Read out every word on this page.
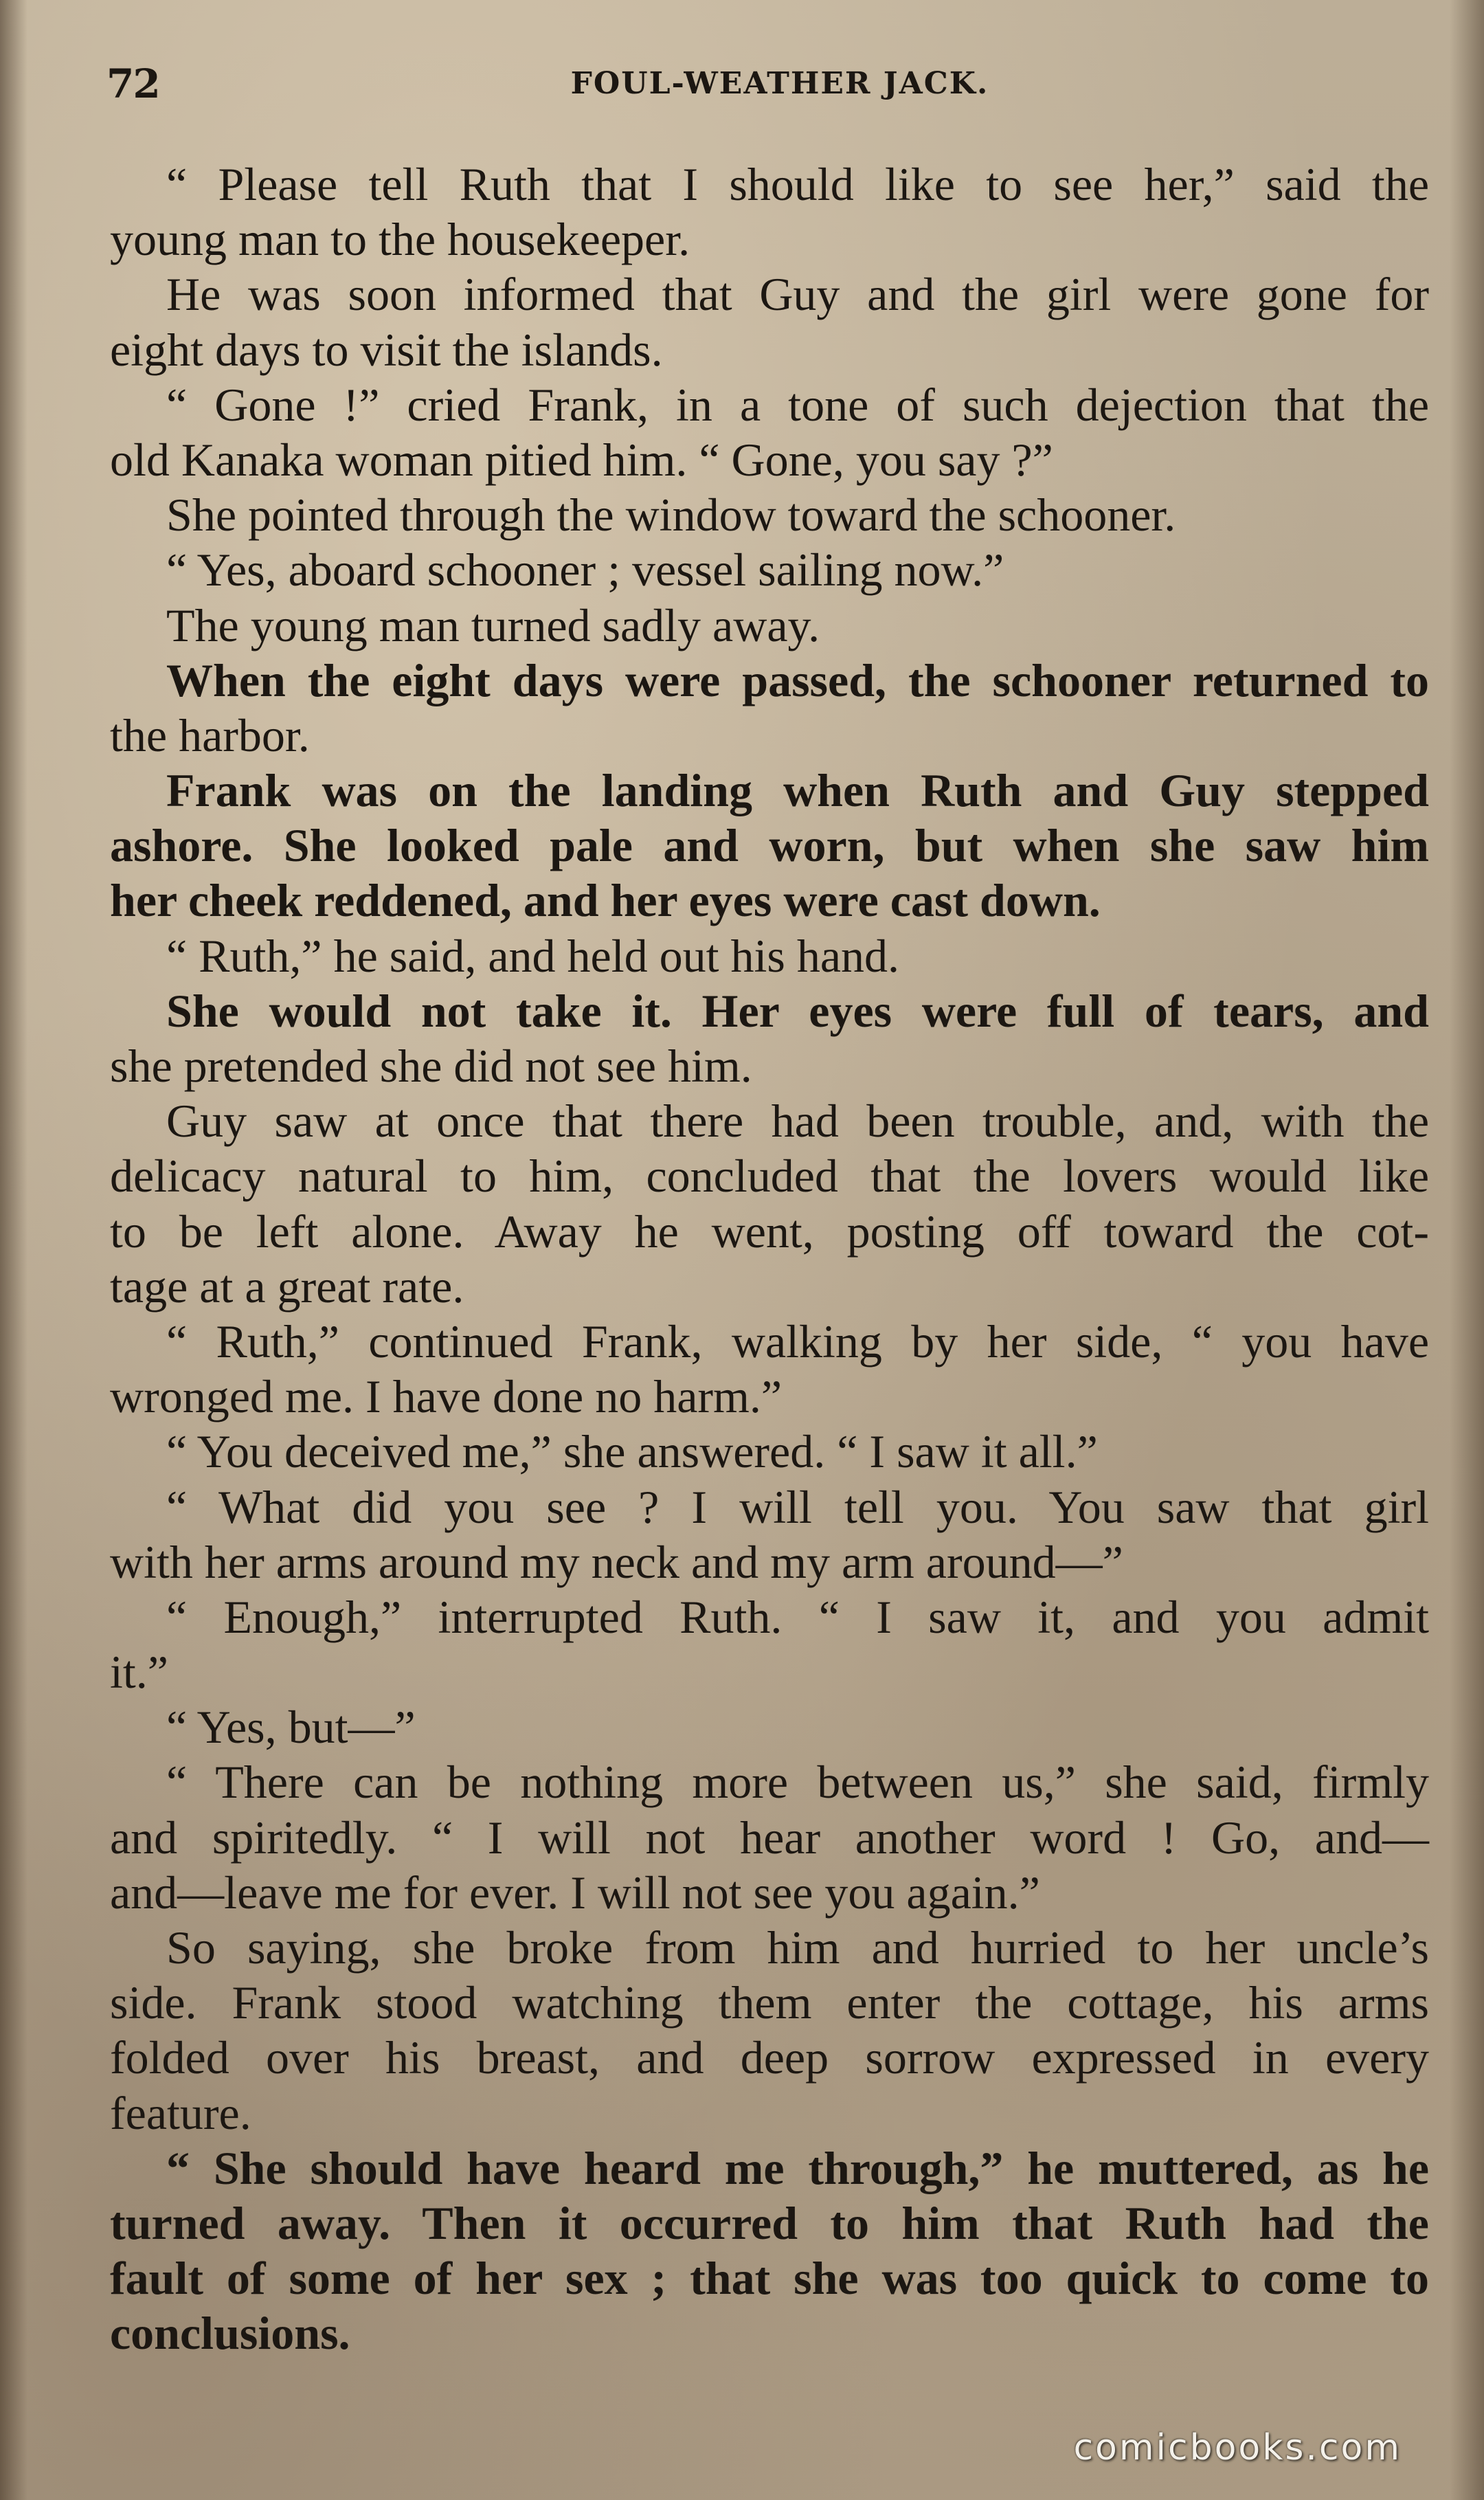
72	FOUL-WEATHER JACK.
“ Please tell Ruth that I should like to see her,” said the
young man to the housekeeper.
He was soon informed that Guy and the girl were gone for
eight days to visit the islands.
“ Gone !” cried Frank, in a tone of such dejection that the
old Kanaka woman pitied him. “ Gone, you say ?”
She pointed through the window toward the schooner.
“ Yes, aboard schooner ; vessel sailing now.”
The young man turned sadly away.
When the eight days were passed, the schooner returned to
the harbor.
Frank was on the landing when Ruth and Guy stepped
ashore. She looked pale and worn, but when she saw him
her cheek reddened, and her eyes were cast down.
“ Ruth,” he said, and held out his hand.
She would not take it. Her eyes were full of tears, and
she pretended she did not see him.
Guy saw at once that there had been trouble, and, with the
delicacy natural to him, concluded that the lovers would like
to be left alone. Away he went, posting off toward the cot-
tage at a great rate.
“ Ruth,” continued Frank, walking by her side, “ you have
wronged me. I have done no harm.”
“ You deceived me,” she answered. “ I saw it all.”
“ What did you see ? I will tell you. You saw that girl
with her arms around my neck and my arm around—”
“ Enough,” interrupted Ruth. “ I saw it, and you admit
it.”
“ Yes, but—”
“ There can be nothing more between us,” she said, firmly
and spiritedly. “ I will not hear another word ! Go, and—
and—leave me for ever. I will not see you again.”
So saying, she broke from him and hurried to her uncle’s
side. Frank stood watching them enter the cottage, his arms
folded over his breast, and deep sorrow expressed in every
feature.
“ She should have heard me through,” he muttered, as he
turned away. Then it occurred to him that Ruth had the
fault of some of her sex ; that she was too quick to come to
conclusions.
comicbooks.com
